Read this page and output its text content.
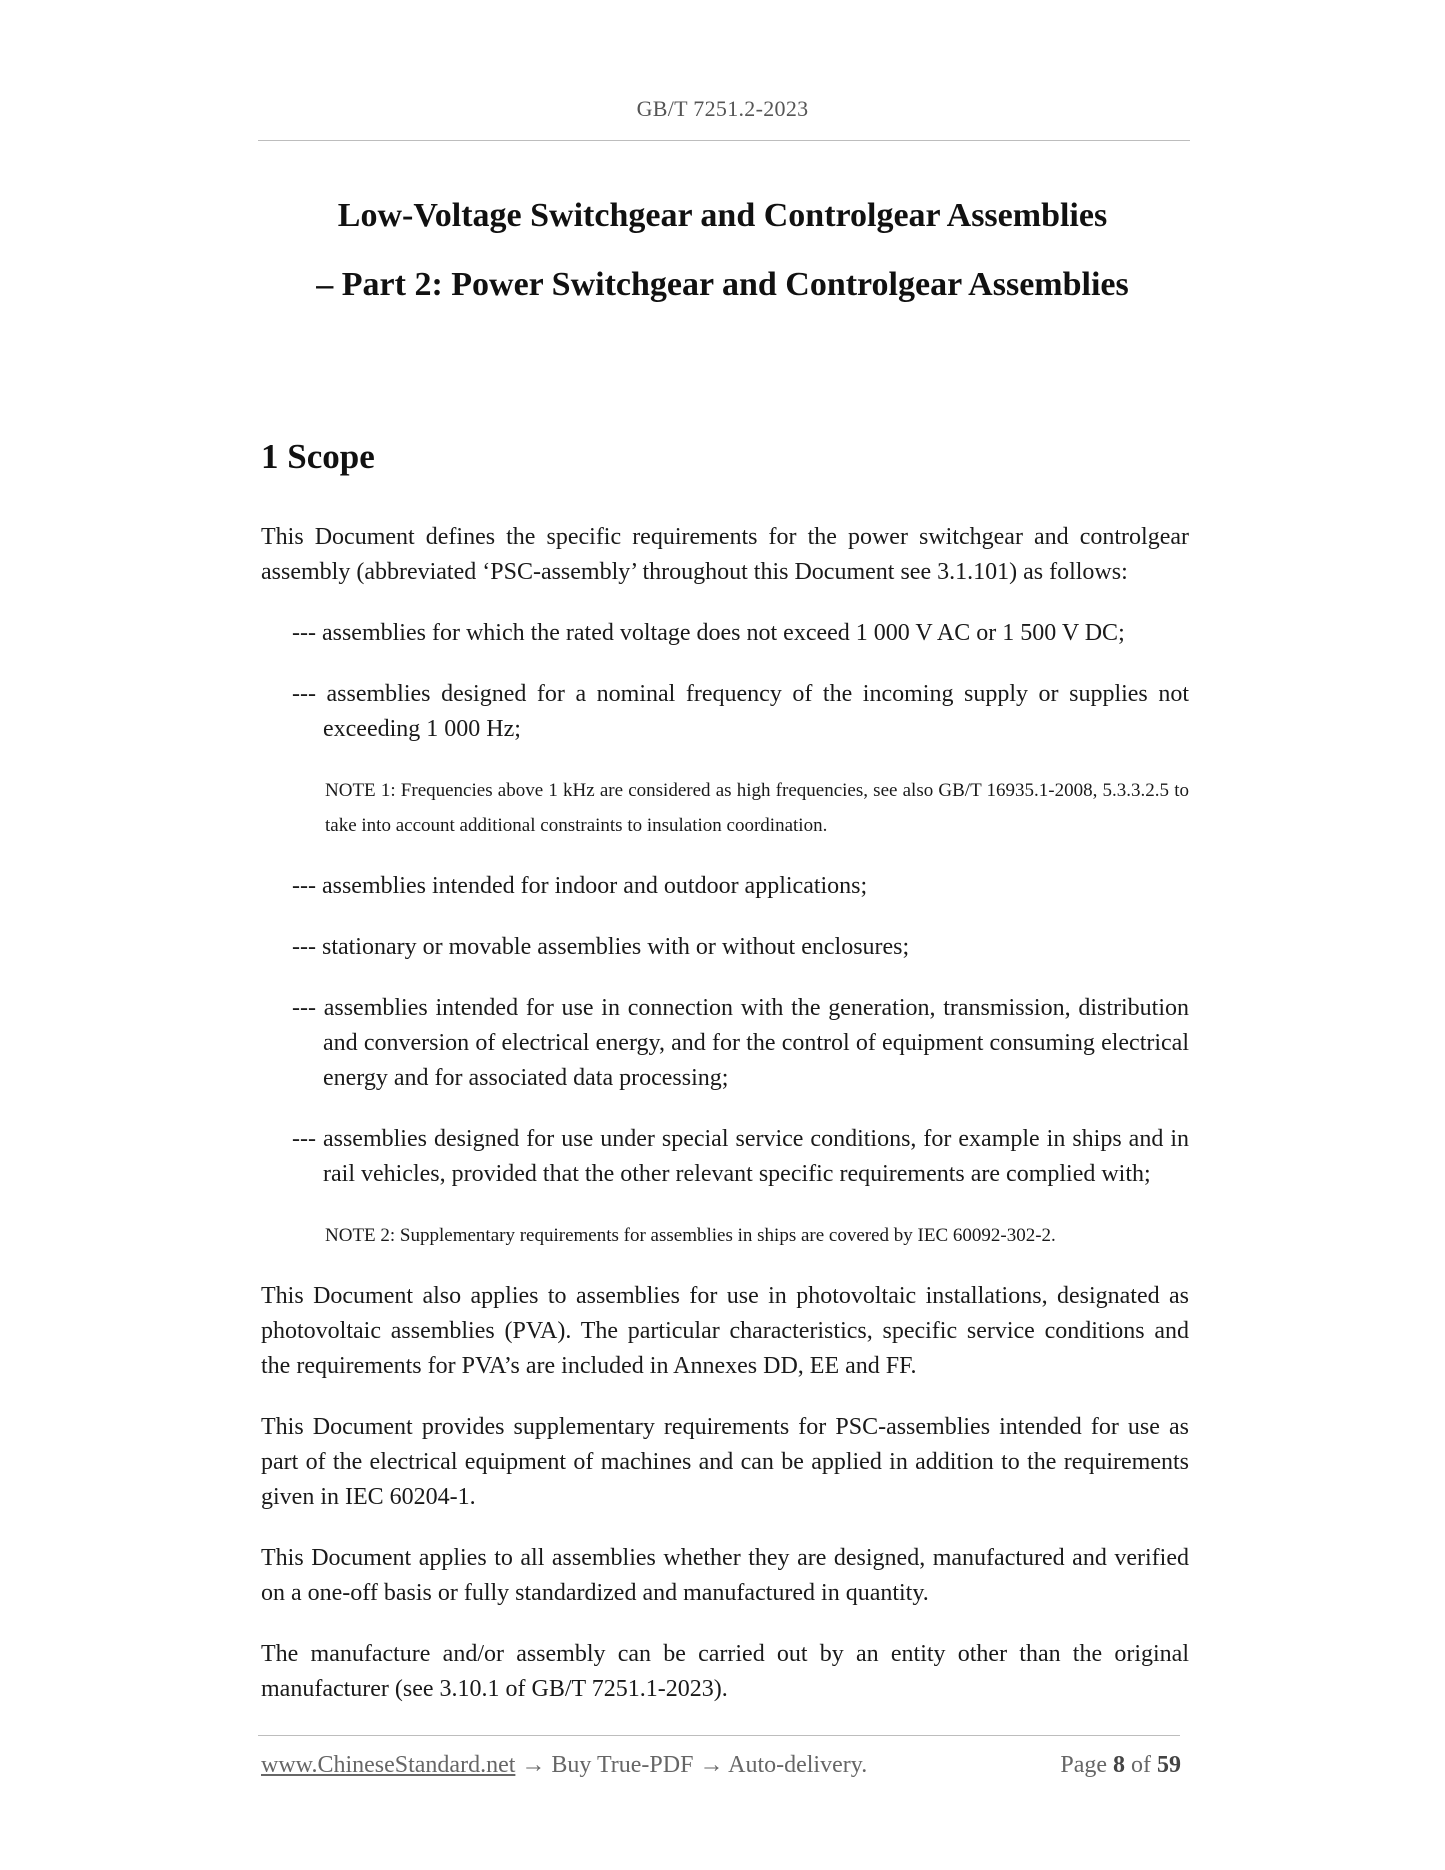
GB/T 7251.2-2023
Low-Voltage Switchgear and Controlgear Assemblies
– Part 2: Power Switchgear and Controlgear Assemblies
1 Scope

This Document defines the specific requirements for the power switchgear and controlgear assembly (abbreviated ‘PSC-assembly’ throughout this Document see 3.1.101) as follows:

--- assemblies for which the rated voltage does not exceed 1 000 V AC or 1 500 V DC;
--- assemblies designed for a nominal frequency of the incoming supply or supplies not exceeding 1 000 Hz;
NOTE 1: Frequencies above 1 kHz are considered as high frequencies, see also GB/T 16935.1-2008, 5.3.3.2.5 to take into account additional constraints to insulation coordination.
--- assemblies intended for indoor and outdoor applications;
--- stationary or movable assemblies with or without enclosures;
--- assemblies intended for use in connection with the generation, transmission, distribution and conversion of electrical energy, and for the control of equipment consuming electrical energy and for associated data processing;
--- assemblies designed for use under special service conditions, for example in ships and in rail vehicles, provided that the other relevant specific requirements are complied with;
NOTE 2: Supplementary requirements for assemblies in ships are covered by IEC 60092-302-2.

This Document also applies to assemblies for use in photovoltaic installations, designated as photovoltaic assemblies (PVA). The particular characteristics, specific service conditions and the requirements for PVA’s are included in Annexes DD, EE and FF.

This Document provides supplementary requirements for PSC-assemblies intended for use as part of the electrical equipment of machines and can be applied in addition to the requirements given in IEC 60204-1.

This Document applies to all assemblies whether they are designed, manufactured and verified on a one-off basis or fully standardized and manufactured in quantity.

The manufacture and/or assembly can be carried out by an entity other than the original manufacturer (see 3.10.1 of GB/T 7251.1-2023).

www.ChineseStandard.net → Buy True-PDF → Auto-delivery.	Page 8 of 59
